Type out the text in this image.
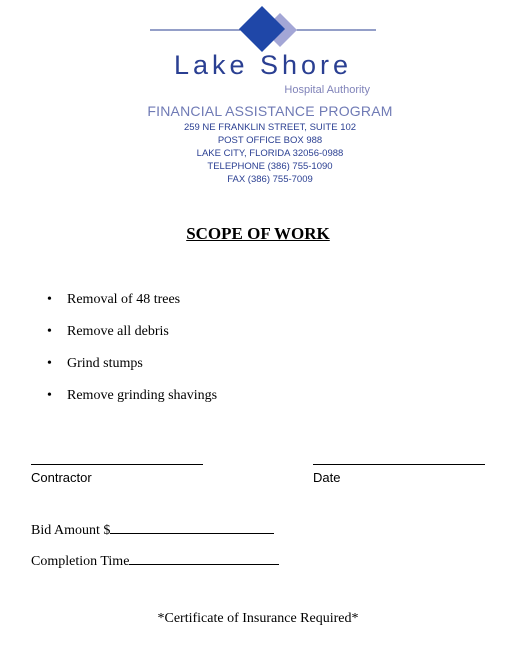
Lake Shore
Hospital Authority
FINANCIAL ASSISTANCE PROGRAM
259 NE FRANKLIN STREET, SUITE 102
POST OFFICE BOX 988
LAKE CITY, FLORIDA 32056-0988
TELEPHONE (386) 755-1090
FAX (386) 755-7009
SCOPE OF WORK
•	Removal of 48 trees
•	Remove all debris
•	Grind stumps
•	Remove grinding shavings
Contractor	Date
Bid Amount $
Completion Time
*Certificate of Insurance Required*
